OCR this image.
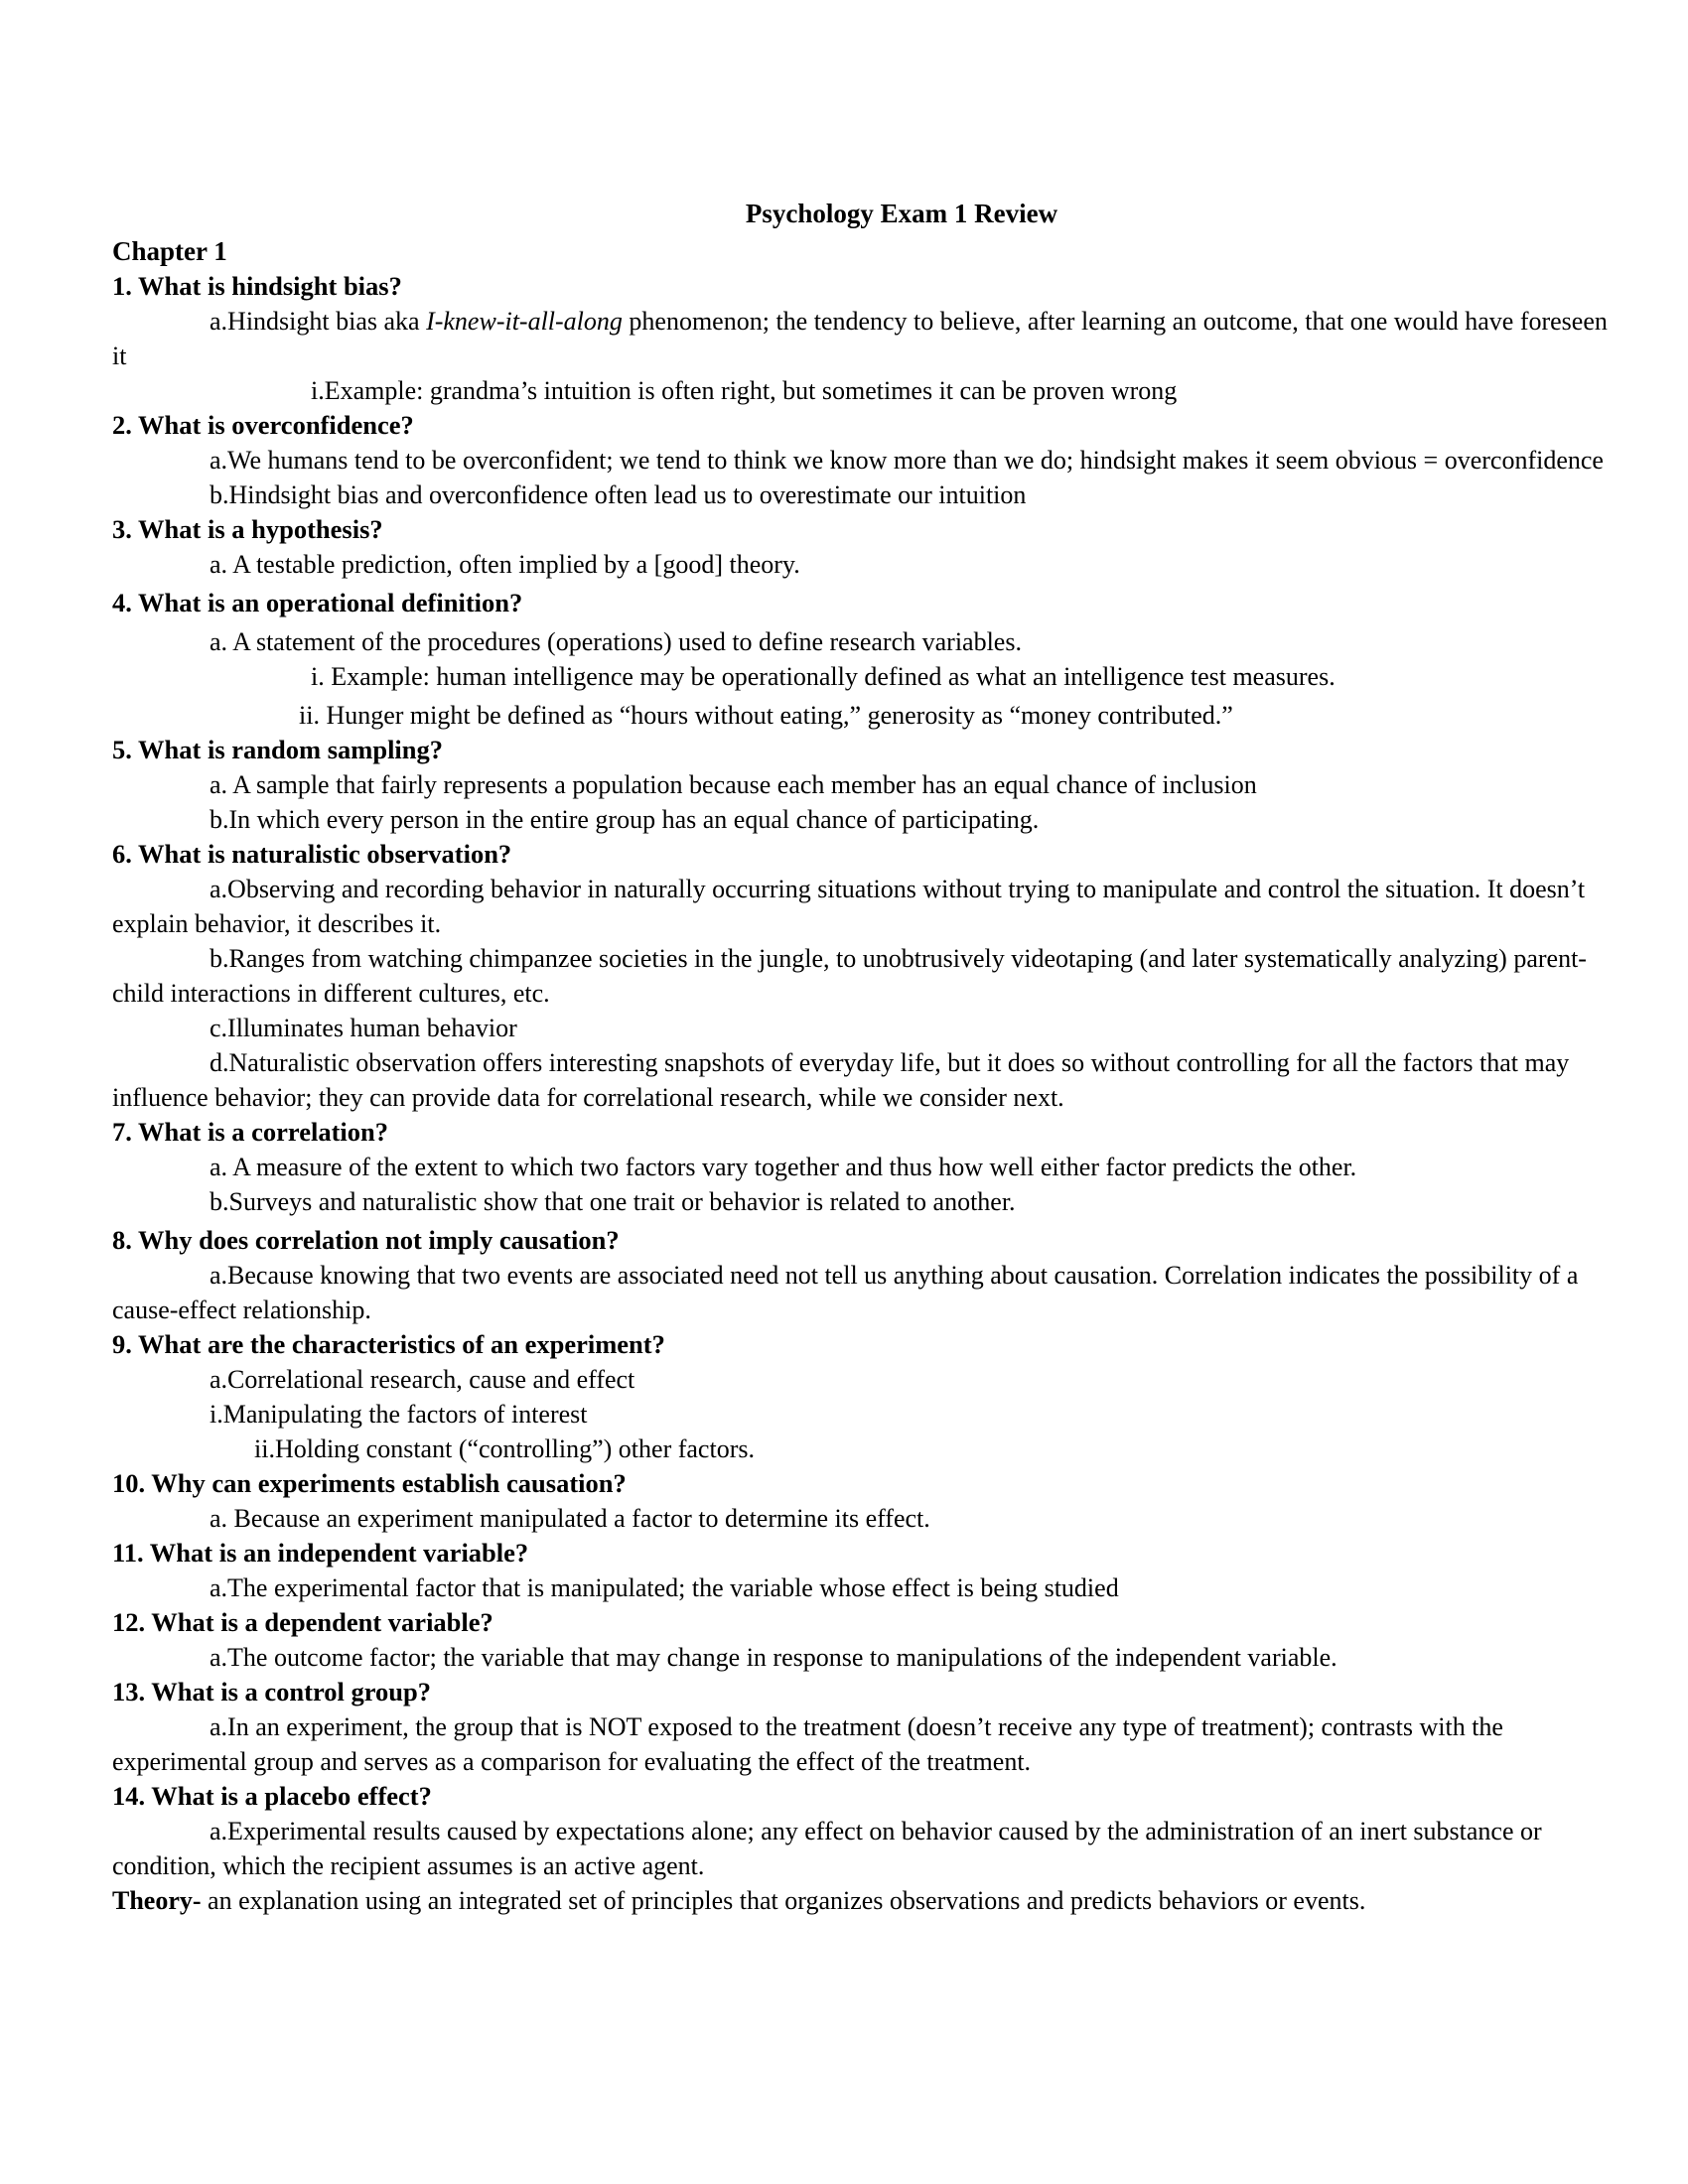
Psychology Exam 1 Review
Chapter 1
1. What is hindsight bias?
a.Hindsight bias aka I-knew-it-all-along phenomenon; the tendency to believe, after learning an outcome, that one would have foreseen it
i.Example: grandma’s intuition is often right, but sometimes it can be proven wrong
2. What is overconfidence?
a.We humans tend to be overconfident; we tend to think we know more than we do; hindsight makes it seem obvious = overconfidence
b.Hindsight bias and overconfidence often lead us to overestimate our intuition
3. What is a hypothesis?
a. A testable prediction, often implied by a [good] theory.
4. What is an operational definition?
a. A statement of the procedures (operations) used to define research variables.
i. Example: human intelligence may be operationally defined as what an intelligence test measures.
ii. Hunger might be defined as “hours without eating,” generosity as “money contributed.”
5. What is random sampling?
a. A sample that fairly represents a population because each member has an equal chance of inclusion
b.In which every person in the entire group has an equal chance of participating.
6. What is naturalistic observation?
a.Observing and recording behavior in naturally occurring situations without trying to manipulate and control the situation. It doesn’t explain behavior, it describes it.
b.Ranges from watching chimpanzee societies in the jungle, to unobtrusively videotaping (and later systematically analyzing) parent-child interactions in different cultures, etc.
c.Illuminates human behavior
d.Naturalistic observation offers interesting snapshots of everyday life, but it does so without controlling for all the factors that may influence behavior; they can provide data for correlational research, while we consider next.
7. What is a correlation?
a. A measure of the extent to which two factors vary together and thus how well either factor predicts the other.
b.Surveys and naturalistic show that one trait or behavior is related to another.
8. Why does correlation not imply causation?
a.Because knowing that two events are associated need not tell us anything about causation. Correlation indicates the possibility of a cause-effect relationship.
9. What are the characteristics of an experiment?
a.Correlational research, cause and effect
i.Manipulating the factors of interest
ii.Holding constant (“controlling”) other factors.
10. Why can experiments establish causation?
a. Because an experiment manipulated a factor to determine its effect.
11. What is an independent variable?
a.The experimental factor that is manipulated; the variable whose effect is being studied
12. What is a dependent variable?
a.The outcome factor; the variable that may change in response to manipulations of the independent variable.
13. What is a control group?
a.In an experiment, the group that is NOT exposed to the treatment (doesn’t receive any type of treatment); contrasts with the experimental group and serves as a comparison for evaluating the effect of the treatment.
14. What is a placebo effect?
a.Experimental results caused by expectations alone; any effect on behavior caused by the administration of an inert substance or condition, which the recipient assumes is an active agent.
Theory- an explanation using an integrated set of principles that organizes observations and predicts behaviors or events.
